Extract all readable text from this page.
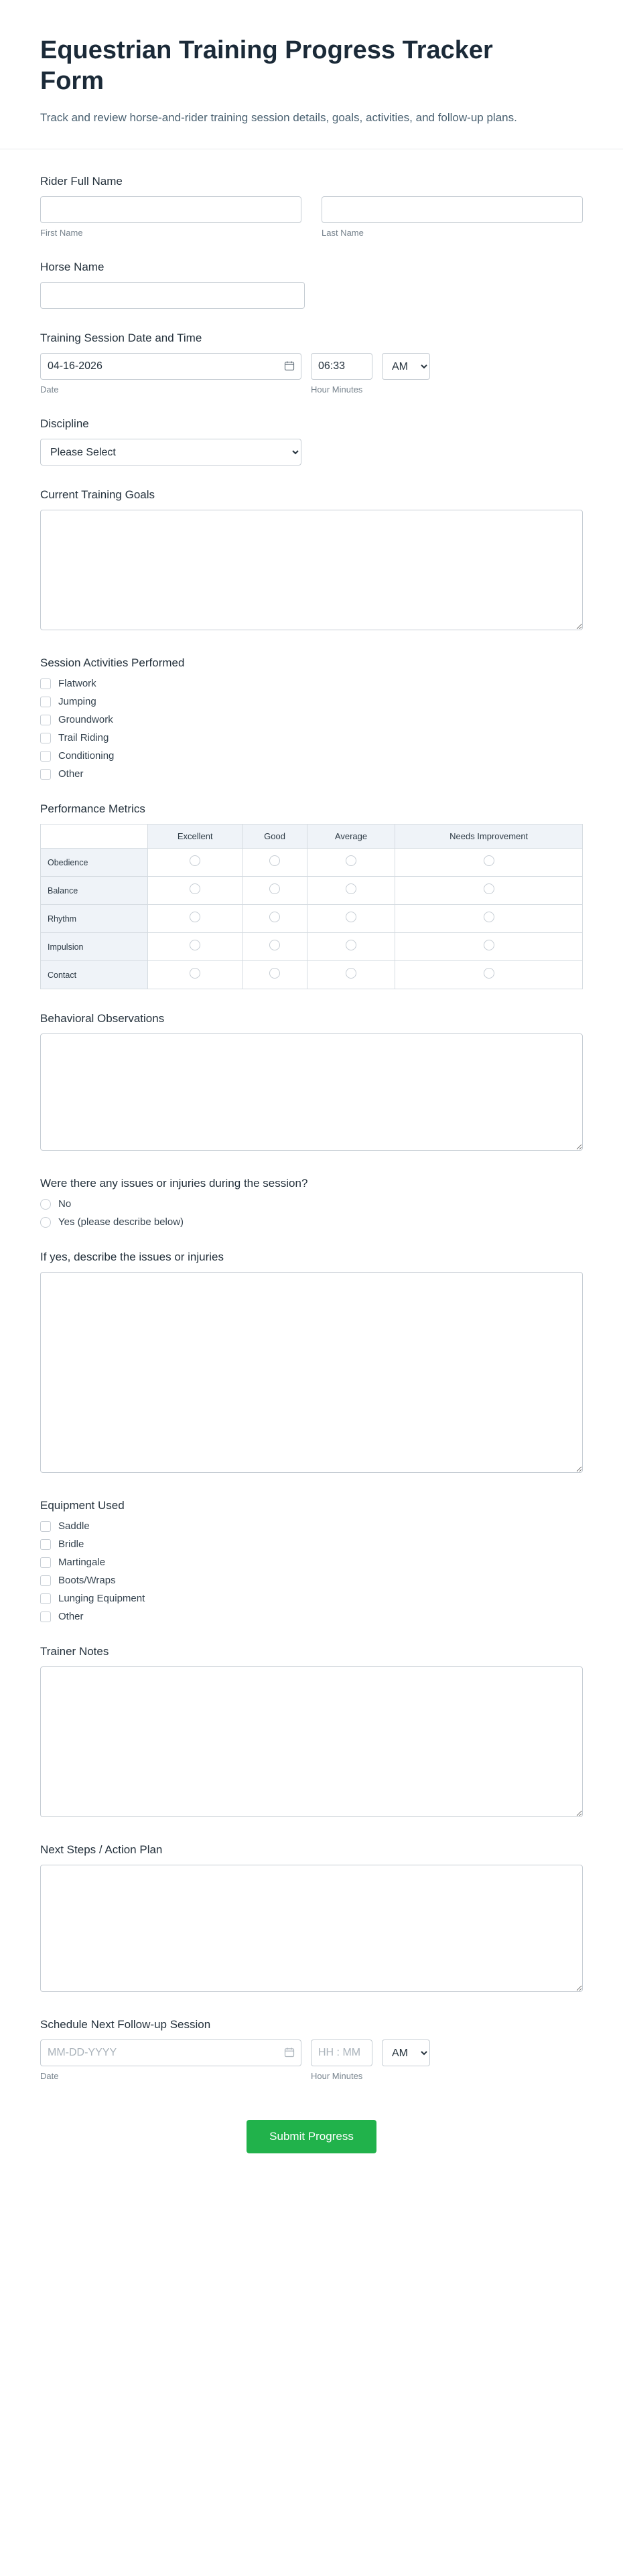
Equestrian Training Progress Tracker Form

Track and review horse-and-rider training session details, goals, activities, and follow-up plans.

Rider Full Name
First Name	Last Name
Horse Name
Training Session Date and Time
04-16-2026
06:33
AM
Date	Hour Minutes
Discipline
Please Select
Current Training Goals
Session Activities Performed
Flatwork
Jumping
Groundwork
Trail Riding
Conditioning
Other
Performance Metrics
	Excellent	Good	Average	Needs Improvement
Obedience				
Balance				
Rhythm				
Impulsion				
Contact				
Behavioral Observations
Were there any issues or injuries during the session?
No
Yes (please describe below)
If yes, describe the issues or injuries
Equipment Used
Saddle
Bridle
Martingale
Boots/Wraps
Lunging Equipment
Other
Trainer Notes
Next Steps / Action Plan
Schedule Next Follow-up Session
MM-DD-YYYY
HH : MM
AM
Date	Hour Minutes
Submit Progress
